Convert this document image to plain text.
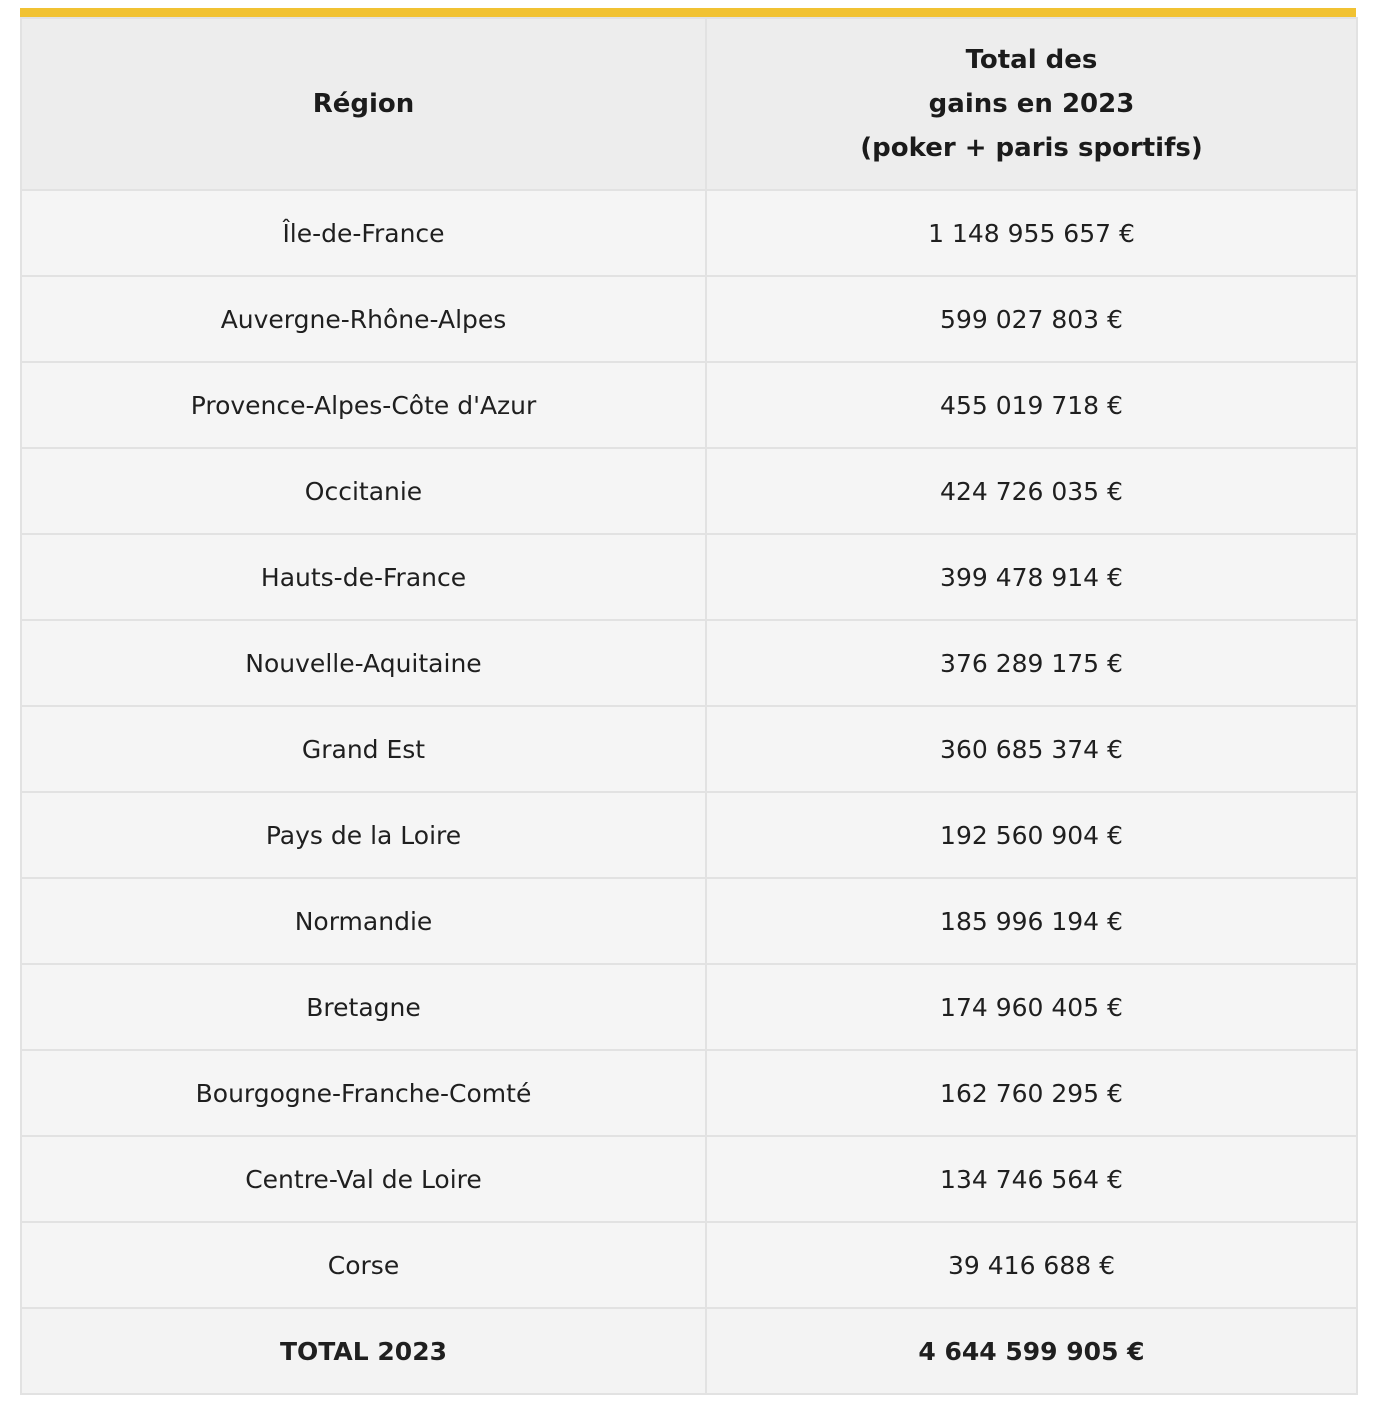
Région	Total des
gains en 2023
(poker + paris sportifs)

Île-de-France	1 148 955 657 €
Auvergne-Rhône-Alpes	599 027 803 €
Provence-Alpes-Côte d'Azur	455 019 718 €
Occitanie	424 726 035 €
Hauts-de-France	399 478 914 €
Nouvelle-Aquitaine	376 289 175 €
Grand Est	360 685 374 €
Pays de la Loire	192 560 904 €
Normandie	185 996 194 €
Bretagne	174 960 405 €
Bourgogne-Franche-Comté	162 760 295 €
Centre-Val de Loire	134 746 564 €
Corse	39 416 688 €
TOTAL 2023	4 644 599 905 €
